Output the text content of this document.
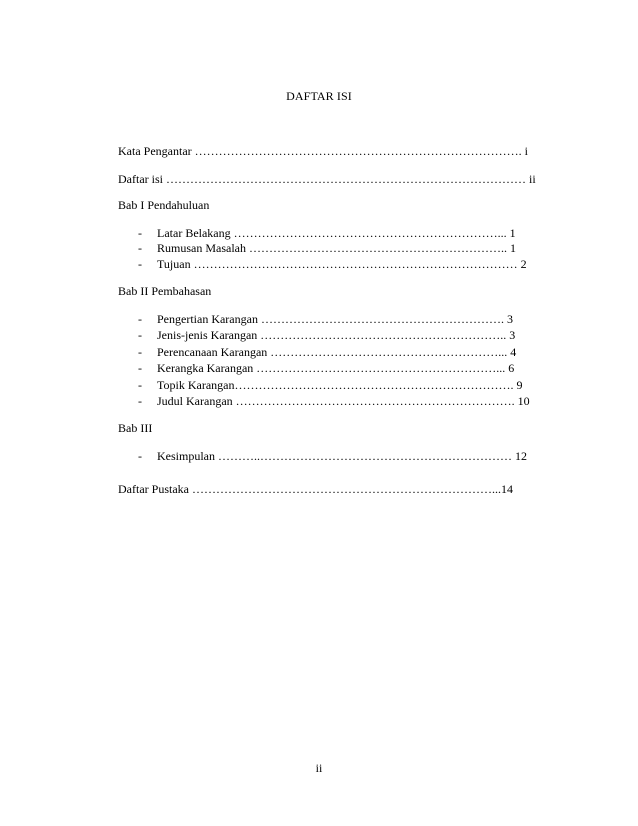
DAFTAR ISI
Kata Pengantar ………………………………………………………………………. i
Daftar isi ……………………………………………………………………………… ii
Bab I Pendahuluan
- Latar Belakang …………………………………………………………... 1
- Rumusan Masalah ……………………………………………………….. 1
- Tujuan ……………………………………………………………………… 2
Bab II Pembahasan
- Pengertian Karangan ……………………………………………………. 3
- Jenis-jenis Karangan …………………………………………………….. 3
- Perencanaan Karangan …………………………………………………... 4
- Kerangka Karangan ……………………………………………………... 6
- Topik Karangan……………………………………………………………. 9
- Judul Karangan ……………………………………………………………. 10
Bab III
- Kesimpulan ………..……………………………………………………… 12
Daftar Pustaka …………………………………………………………………...14
ii
